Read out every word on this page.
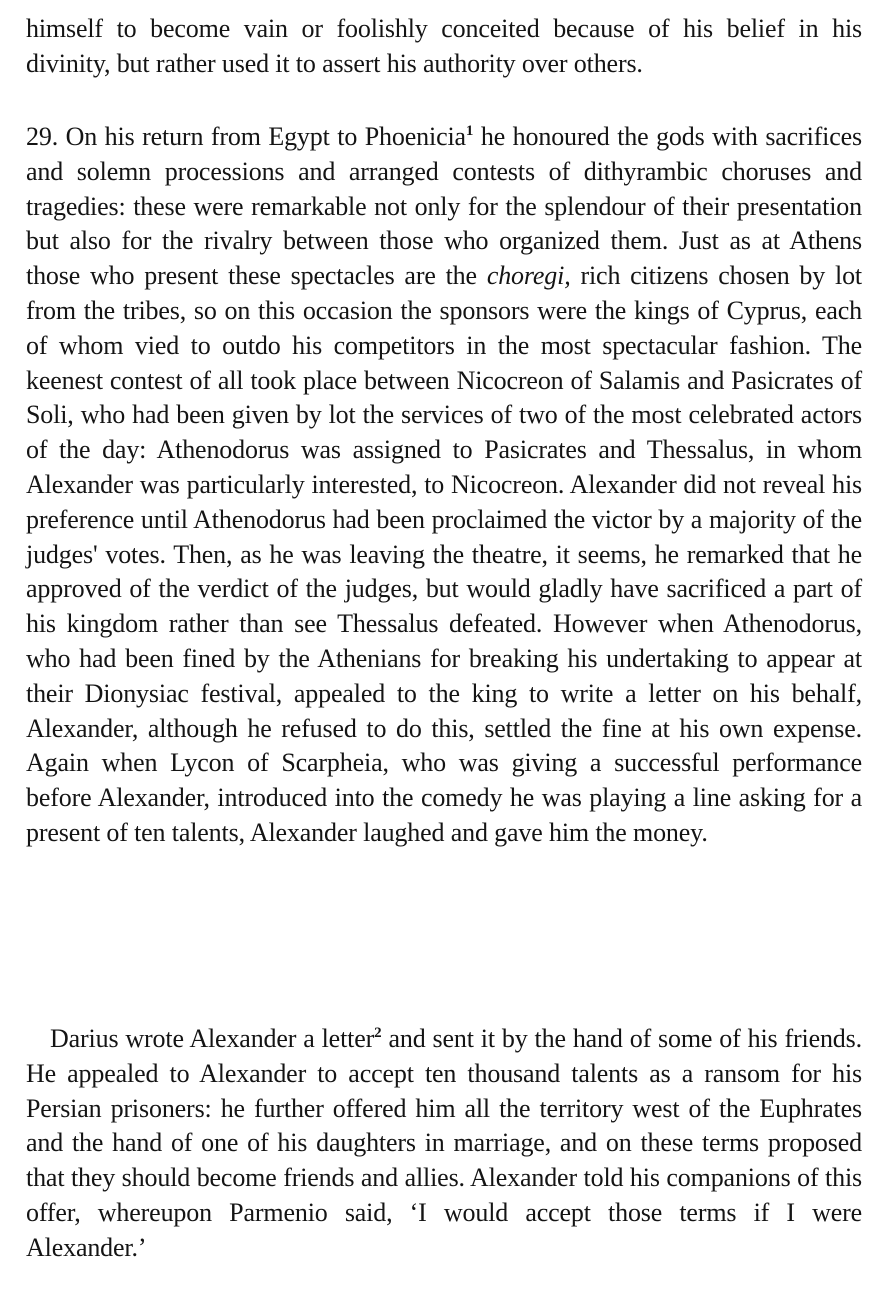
himself to become vain or foolishly conceited because of his belief in his divinity, but rather used it to assert his authority over others.

29. On his return from Egypt to Phoenicia$^1$ he honoured the gods with sacrifices and solemn processions and arranged contests of dithyrambic choruses and tragedies: these were remarkable not only for the splendour of their presentation but also for the rivalry between those who organized them. Just as at Athens those who present these spectacles are the choregi, rich citizens chosen by lot from the tribes, so on this occasion the sponsors were the kings of Cyprus, each of whom vied to outdo his competitors in the most spectacular fashion. The keenest contest of all took place between Nicocreon of Salamis and Pasicrates of Soli, who had been given by lot the services of two of the most celebrated actors of the day: Athenodorus was assigned to Pasicrates and Thessalus, in whom Alexander was particularly interested, to Nicocreon. Alexander did not reveal his preference until Athenodorus had been proclaimed the victor by a majority of the judges' votes. Then, as he was leaving the theatre, it seems, he remarked that he approved of the verdict of the judges, but would gladly have sacrificed a part of his kingdom rather than see Thessalus defeated. However when Athenodorus, who had been fined by the Athenians for breaking his undertaking to appear at their Dionysiac festival, appealed to the king to write a letter on his behalf, Alexander, although he refused to do this, settled the fine at his own expense. Again when Lycon of Scarpheia, who was giving a successful performance before Alexander, introduced into the comedy he was playing a line asking for a present of ten talents, Alexander laughed and gave him the money.

Darius wrote Alexander a letter$^2$ and sent it by the hand of some of his friends. He appealed to Alexander to accept ten thousand talents as a ransom for his Persian prisoners: he further offered him all the territory west of the Euphrates and the hand of one of his daughters in marriage, and on these terms proposed that they should become friends and allies. Alexander told his companions of this offer, whereupon Parmenio said, ‘I would accept those terms if I were Alexander.’
